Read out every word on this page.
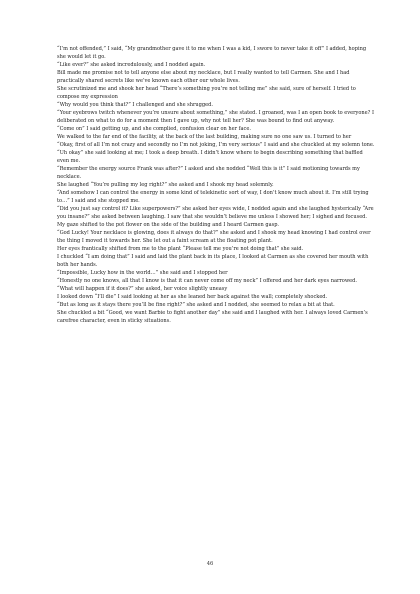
“I’m not offended,” I said, “My grandmother gave it to me when I was a kid, I swore to never take it off” I added, hoping she would let it go.

“Like ever?” she asked incredulously, and I nodded again.

Bill made me promise not to tell anyone else about my necklace, but I really wanted to tell Carmen. She and I had practically shared secrets like we’ve known each other our whole lives.

She scrutinized me and shook her head “There’s something you’re not telling me” she said, sure of herself. I tried to compose my expression

“Why would you think that?” I challenged and she shrugged.

“Your eyebrows twitch whenever you’re unsure about something,” she stated. I groaned, was I an open book to everyone? I deliberated on what to do for a moment then I gave up, why not tell her? She was bound to find out anyway.

“Come on” I said getting up, and she complied, confusion clear on her face.

We walked to the far end of the facility, at the back of the last building, making sure no one saw us. I turned to her

“Okay, first of all I’m not crazy and secondly no I’m not joking, I’m very serious” I said and she chuckled at my solemn tone.

“Uh okay” she said looking at me; I took a deep breath. I didn’t know where to begin describing something that baffled even me.

“Remember the energy source Frank was after?” I asked and she nodded “Well this is it” I said motioning towards my necklace.

She laughed “You’re pulling my leg right?” she asked and I shook my head solemnly.

“And somehow I can control the energy in some kind of telekinetic sort of way, I don’t know much about it. I’m still trying to…” I said and she stopped me.

“Did you just say control it? Like superpowers?” she asked her eyes wide, I nodded again and she laughed hysterically “Are you insane?” she asked between laughing. I saw that she wouldn’t believe me unless I showed her; I sighed and focused. My gaze shifted to the pot flower on the side of the building and I heard Carmen gasp.

“God Lucky! Your necklace is glowing, does it always do that?” she asked and I shook my head knowing I had control over the thing I moved it towards her. She let out a faint scream at the floating pot plant.

Her eyes frantically shifted from me to the plant “Please tell me you’re not doing that” she said.

I chuckled “I am doing that” I said and laid the plant back in its place, I looked at Carmen as she covered her mouth with both her hands.

“Impossible, Lucky how in the world…” she said and I stopped her

“Honestly no one knows, all that I know is that it can never come off my neck” I offered and her dark eyes narrowed.

“What will happen if it does?” she asked, her voice slightly uneasy

I looked down “I’ll die” I said looking at her as she leaned her back against the wall; completely shocked.

“But as long as it stays there you’ll be fine right?” she asked and I nodded, she seemed to relax a bit at that.

She chuckled a bit “Good, we want Barbie to fight another day” she said and I laughed with her. I always loved Carmen’s carefree character, even in sticky situations.

46
